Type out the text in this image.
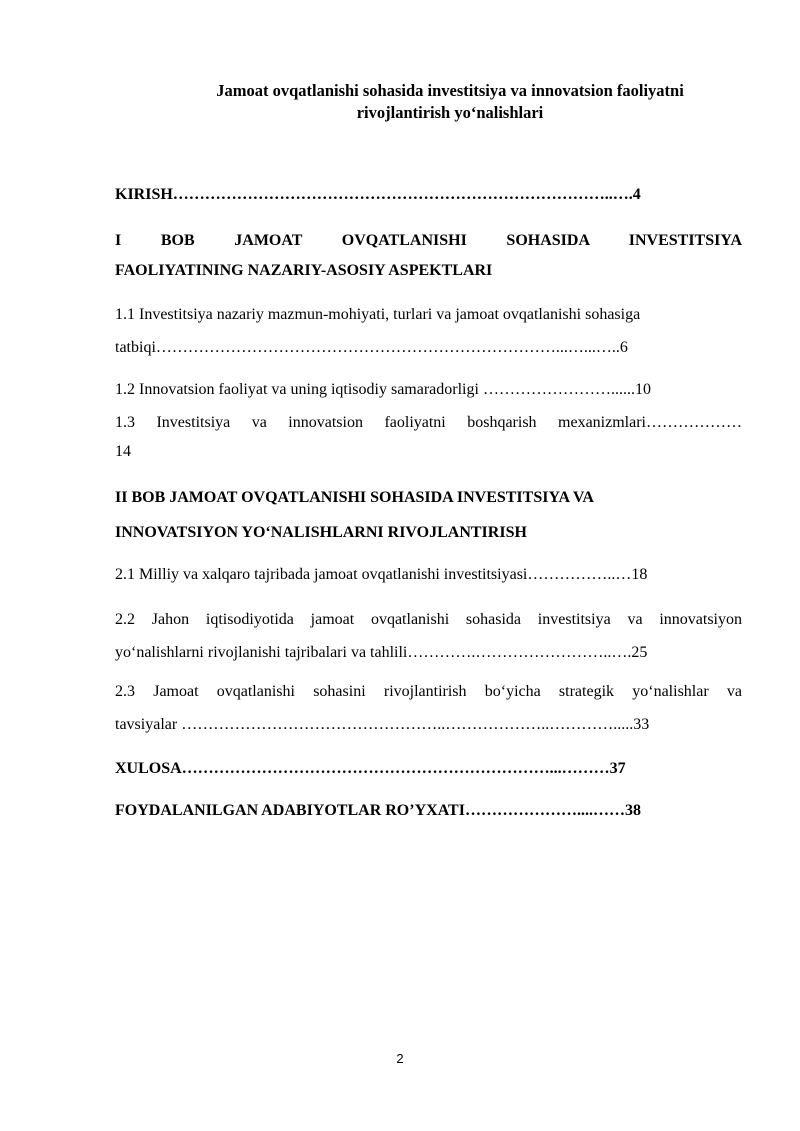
Jamoat ovqatlanishi sohasida investitsiya va innovatsion faoliyatni
rivojlantirish yo‘nalishlari
KIRISH………………………………………………………………………..….4
I BOB JAMOAT OVQATLANISHI SOHASIDA INVESTITSIYA
FAOLIYATINING NAZARIY-ASOSIY ASPEKTLARI
1.1 Investitsiya nazariy mazmun-mohiyati, turlari va jamoat ovqatlanishi sohasiga
tatbiqi…………………………………………………………………...…...…..6
1.2 Innovatsion faoliyat va uning iqtisodiy samaradorligi ……………………......10
1.3 Investitsiya va innovatsion faoliyatni boshqarish mexanizmlari………………
14
II BOB JAMOAT OVQATLANISHI SOHASIDA INVESTITSIYA VA
INNOVATSIYON YO‘NALISHLARNI RIVOJLANTIRISH
2.1 Milliy va xalqaro tajribada jamoat ovqatlanishi investitsiyasi……………..…18
2.2 Jahon iqtisodiyotida jamoat ovqatlanishi sohasida investitsiya va innovatsiyon
yo‘nalishlarni rivojlanishi tajribalari va tahlili………….……………………..….25
2.3 Jamoat ovqatlanishi sohasini rivojlantirish bo‘yicha strategik yo‘nalishlar va
tavsiyalar …………………………………………..………………..………….....33
XULOSA……………………………………………………………...………37
FOYDALANILGAN ADABIYOTLAR RO’YXATI…………………....……38
2
